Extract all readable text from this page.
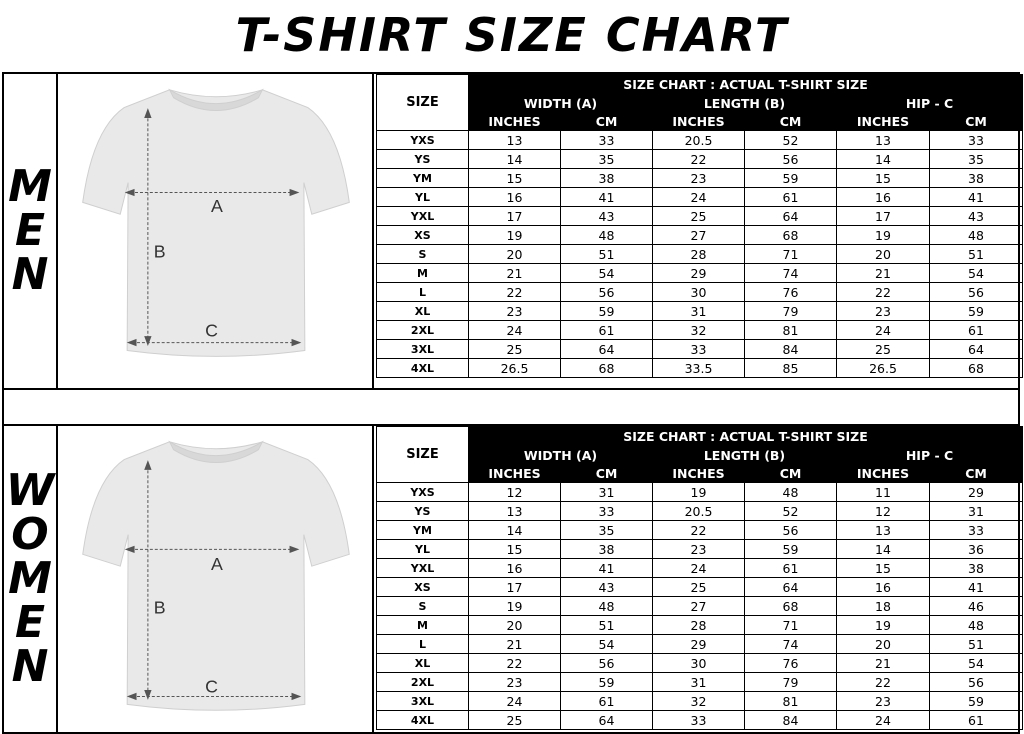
T-SHIRT SIZE CHART
M
E
N
A
B
C
SIZE	SIZE CHART : ACTUAL T-SHIRT SIZE					
	WIDTH (A)		LENGTH (B)		HIP - C	
	INCHES	CM	INCHES	CM	INCHES	CM
YXS	13	33	20.5	52	13	33
YS	14	35	22	56	14	35
YM	15	38	23	59	15	38
YL	16	41	24	61	16	41
YXL	17	43	25	64	17	43
XS	19	48	27	68	19	48
S	20	51	28	71	20	51
M	21	54	29	74	21	54
L	22	56	30	76	22	56
XL	23	59	31	79	23	59
2XL	24	61	32	81	24	61
3XL	25	64	33	84	25	64
4XL	26.5	68	33.5	85	26.5	68
W
O
M
E
N
A
B
C
SIZE	SIZE CHART : ACTUAL T-SHIRT SIZE					
	WIDTH (A)		LENGTH (B)		HIP - C	
	INCHES	CM	INCHES	CM	INCHES	CM
YXS	12	31	19	48	11	29
YS	13	33	20.5	52	12	31
YM	14	35	22	56	13	33
YL	15	38	23	59	14	36
YXL	16	41	24	61	15	38
XS	17	43	25	64	16	41
S	19	48	27	68	18	46
M	20	51	28	71	19	48
L	21	54	29	74	20	51
XL	22	56	30	76	21	54
2XL	23	59	31	79	22	56
3XL	24	61	32	81	23	59
4XL	25	64	33	84	24	61
